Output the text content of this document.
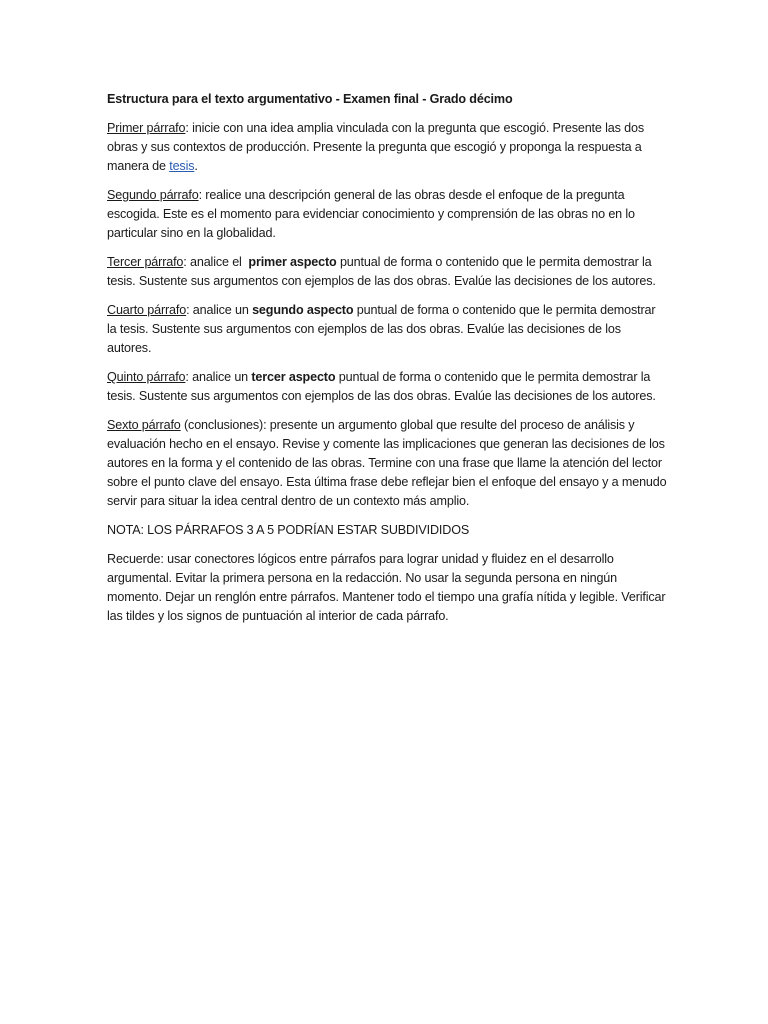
Estructura para el texto argumentativo - Examen final - Grado décimo

Primer párrafo: inicie con una idea amplia vinculada con la pregunta que escogió. Presente las dos obras y sus contextos de producción. Presente la pregunta que escogió y proponga la respuesta a manera de tesis.

Segundo párrafo: realice una descripción general de las obras desde el enfoque de la pregunta escogida. Este es el momento para evidenciar conocimiento y comprensión de las obras no en lo particular sino en la globalidad.

Tercer párrafo: analice el  primer aspecto puntual de forma o contenido que le permita demostrar la tesis. Sustente sus argumentos con ejemplos de las dos obras. Evalúe las decisiones de los autores.

Cuarto párrafo: analice un segundo aspecto puntual de forma o contenido que le permita demostrar  la tesis. Sustente sus argumentos con ejemplos de las dos obras. Evalúe las decisiones de los autores.

Quinto párrafo: analice un tercer aspecto puntual de forma o contenido que le permita demostrar la tesis. Sustente sus argumentos con ejemplos de las dos obras. Evalúe las decisiones de los autores.

Sexto párrafo (conclusiones): presente un argumento global que resulte del proceso de análisis y evaluación hecho en el ensayo. Revise y comente las implicaciones que generan las decisiones de los autores en la forma y el contenido de las obras. Termine con una frase que llame la atención del lector sobre el punto clave del ensayo. Esta última frase debe reflejar bien el enfoque del ensayo y a menudo servir para situar la idea central dentro de un contexto más amplio.

NOTA: LOS PÁRRAFOS 3 A 5 PODRÍAN ESTAR SUBDIVIDIDOS

Recuerde: usar conectores lógicos entre párrafos para lograr unidad y fluidez en el desarrollo argumental. Evitar la primera persona en la redacción. No usar la segunda persona en ningún momento. Dejar un renglón entre párrafos. Mantener todo el tiempo una grafía nítida y legible. Verificar las tildes y los signos de puntuación al interior de cada párrafo.
